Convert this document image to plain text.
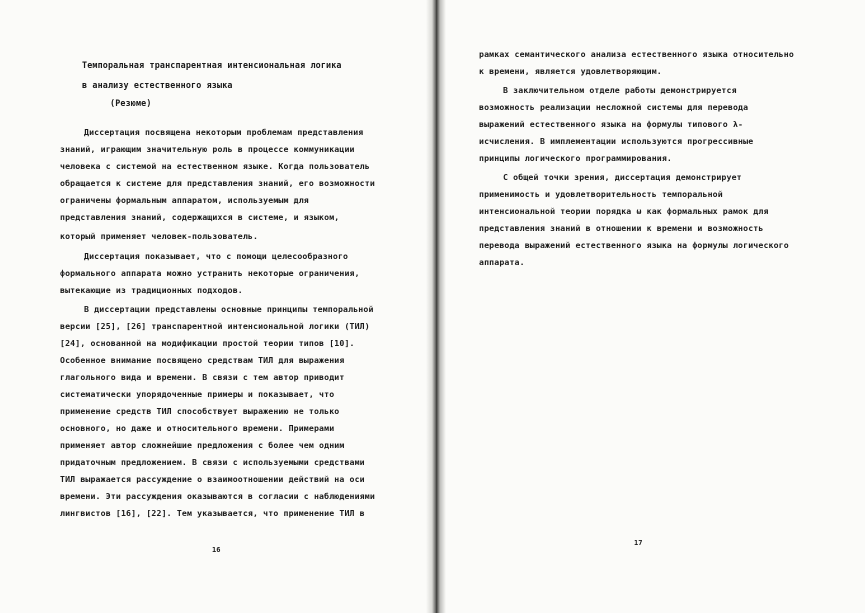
Темпоральная транспарентная интенсиональная логика
в анализу естественного языка
(Резюме)
Диссертация посвящена некоторым проблемам представления
знаний, играющим значительную роль в процессе коммуникации
человека с системой на естественном языке. Когда пользователь
обращается к системе для представления знаний, его возможности
ограничены формальным аппаратом, используемым для
представления знаний, содержащихся в системе, и языком,
который применяет человек-пользователь.
Диссертация показывает, что с помощи целесообразного
формального аппарата можно устранить некоторые ограничения,
вытекающие из традиционных подходов.
В диссертации представлены основные принципы темпоральной
версии [25], [26] транспарентной интенсиональной логики (ТИЛ)
[24], основанной на модификации простой теории типов [10].
Особенное внимание посвящено средствам ТИЛ для выражения
глагольного вида и времени. В связи с тем автор приводит
систематически упорядоченные примеры и показывает, что
применение средств ТИЛ способствует выражению не только
основного, но даже и относительного времени. Примерами
применяет автор сложнейшие предложения с более чем одним
придаточным предложением. В связи с используемыми средствами
ТИЛ выражается рассуждение о взаимоотношении действий на оси
времени. Эти рассуждения оказываются в согласии с наблюдениями
лингвистов [16], [22]. Тем указывается, что применение ТИЛ в
16
рамках семантического анализа естественного языка относительно
к времени, является удовлетворяющим.
В заключительном отделе работы демонстрируется
возможность реализации несложной системы для перевода
выражений естественного языка на формулы типового λ-
исчисления. В имплементации используются прогрессивные
принципы логического программирования.
С общей точки зрения, диссертация демонстрирует
применимость и удовлетворительность темпоральной
интенсиональной теории порядка ω как формальных рамок для
представления знаний в отношении к времени и возможность
перевода выражений естественного языка на формулы логического
аппарата.
17
